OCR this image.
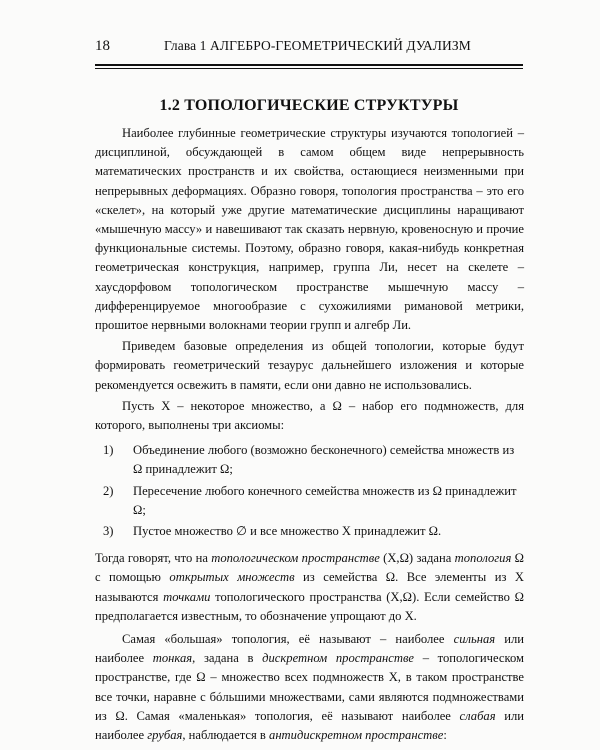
18	Глава 1 АЛГЕБРО-ГЕОМЕТРИЧЕСКИЙ ДУАЛИЗМ
1.2 ТОПОЛОГИЧЕСКИЕ СТРУКТУРЫ

Наиболее глубинные геометрические структуры изучаются топологией – дисциплиной, обсуждающей в самом общем виде непрерывность математических пространств и их свойства, остающиеся неизменными при непрерывных деформациях. Образно говоря, топология пространства – это его «скелет», на который уже другие математические дисциплины наращивают «мышечную массу» и навешивают так сказать нервную, кровеносную и прочие функциональные системы. Поэтому, образно говоря, какая-нибудь конкретная геометрическая конструкция, например, группа Ли, несет на скелете – хаусдорфовом топологическом пространстве мышечную массу – дифференцируемое многообразие с сухожилиями римановой метрики, прошитое нервными волокнами теории групп и алгебр Ли.

Приведем базовые определения из общей топологии, которые будут формировать геометрический тезаурус дальнейшего изложения и которые рекомендуется освежить в памяти, если они давно не использовались.

Пусть X – некоторое множество, а Ω – набор его подмножеств, для которого, выполнены три аксиомы:

1) Объединение любого (возможно бесконечного) семейства множеств из Ω принадлежит Ω;
2) Пересечение любого конечного семейства множеств из Ω принадлежит Ω;
3) Пустое множество ∅ и все множество X принадлежит Ω.

Тогда говорят, что на топологическом пространстве (X,Ω) задана топология Ω с помощью открытых множеств из семейства Ω. Все элементы из X называются точками топологического пространства (X,Ω). Если семейство Ω предполагается известным, то обозначение упрощают до X.

Самая «большая» топология, её называют – наиболее сильная или наиболее тонкая, задана в дискретном пространстве – топологическом пространстве, где Ω – множество всех подмножеств X, в таком пространстве все точки, наравне с бóльшими множествами, сами являются подмножествами из Ω. Самая «маленькая» топология, её называют наиболее слабая или наиболее грубая, наблюдается в антидискретном пространстве:
